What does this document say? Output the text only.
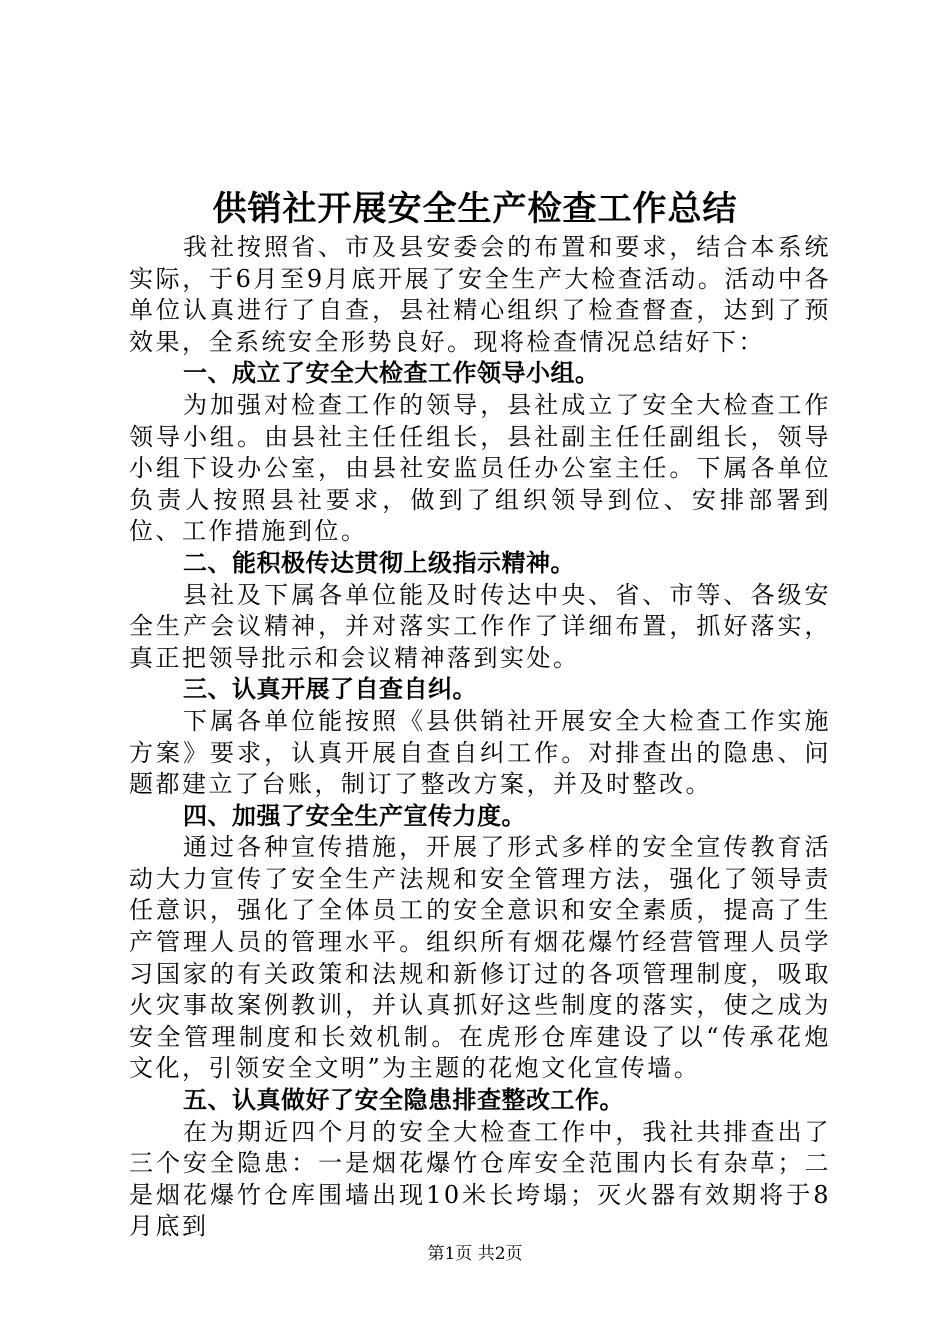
供销社开展安全生产检查工作总结

我社按照省、市及县安委会的布置和要求，结合本系统实际，于6月至9月底开展了安全生产大检查活动。活动中各单位认真进行了自查，县社精心组织了检查督查，达到了预效果，全系统安全形势良好。现将检查情况总结好下：

一、成立了安全大检查工作领导小组。

为加强对检查工作的领导，县社成立了安全大检查工作领导小组。由县社主任任组长，县社副主任任副组长，领导小组下设办公室，由县社安监员任办公室主任。下属各单位负责人按照县社要求，做到了组织领导到位、安排部署到位、工作措施到位。

二、能积极传达贯彻上级指示精神。

县社及下属各单位能及时传达中央、省、市等、各级安全生产会议精神，并对落实工作作了详细布置，抓好落实，真正把领导批示和会议精神落到实处。

三、认真开展了自查自纠。

下属各单位能按照《县供销社开展安全大检查工作实施方案》要求，认真开展自查自纠工作。对排查出的隐患、问题都建立了台账，制订了整改方案，并及时整改。

四、加强了安全生产宣传力度。

通过各种宣传措施，开展了形式多样的安全宣传教育活动大力宣传了安全生产法规和安全管理方法，强化了领导责任意识，强化了全体员工的安全意识和安全素质，提高了生产管理人员的管理水平。组织所有烟花爆竹经营管理人员学习国家的有关政策和法规和新修订过的各项管理制度，吸取火灾事故案例教训，并认真抓好这些制度的落实，使之成为安全管理制度和长效机制。在虎形仓库建设了以“传承花炮文化，引领安全文明”为主题的花炮文化宣传墙。

五、认真做好了安全隐患排查整改工作。

在为期近四个月的安全大检查工作中，我社共排查出了三个安全隐患：一是烟花爆竹仓库安全范围内长有杂草；二是烟花爆竹仓库围墙出现10米长垮塌；灭火器有效期将于8月底到

第1页 共2页
